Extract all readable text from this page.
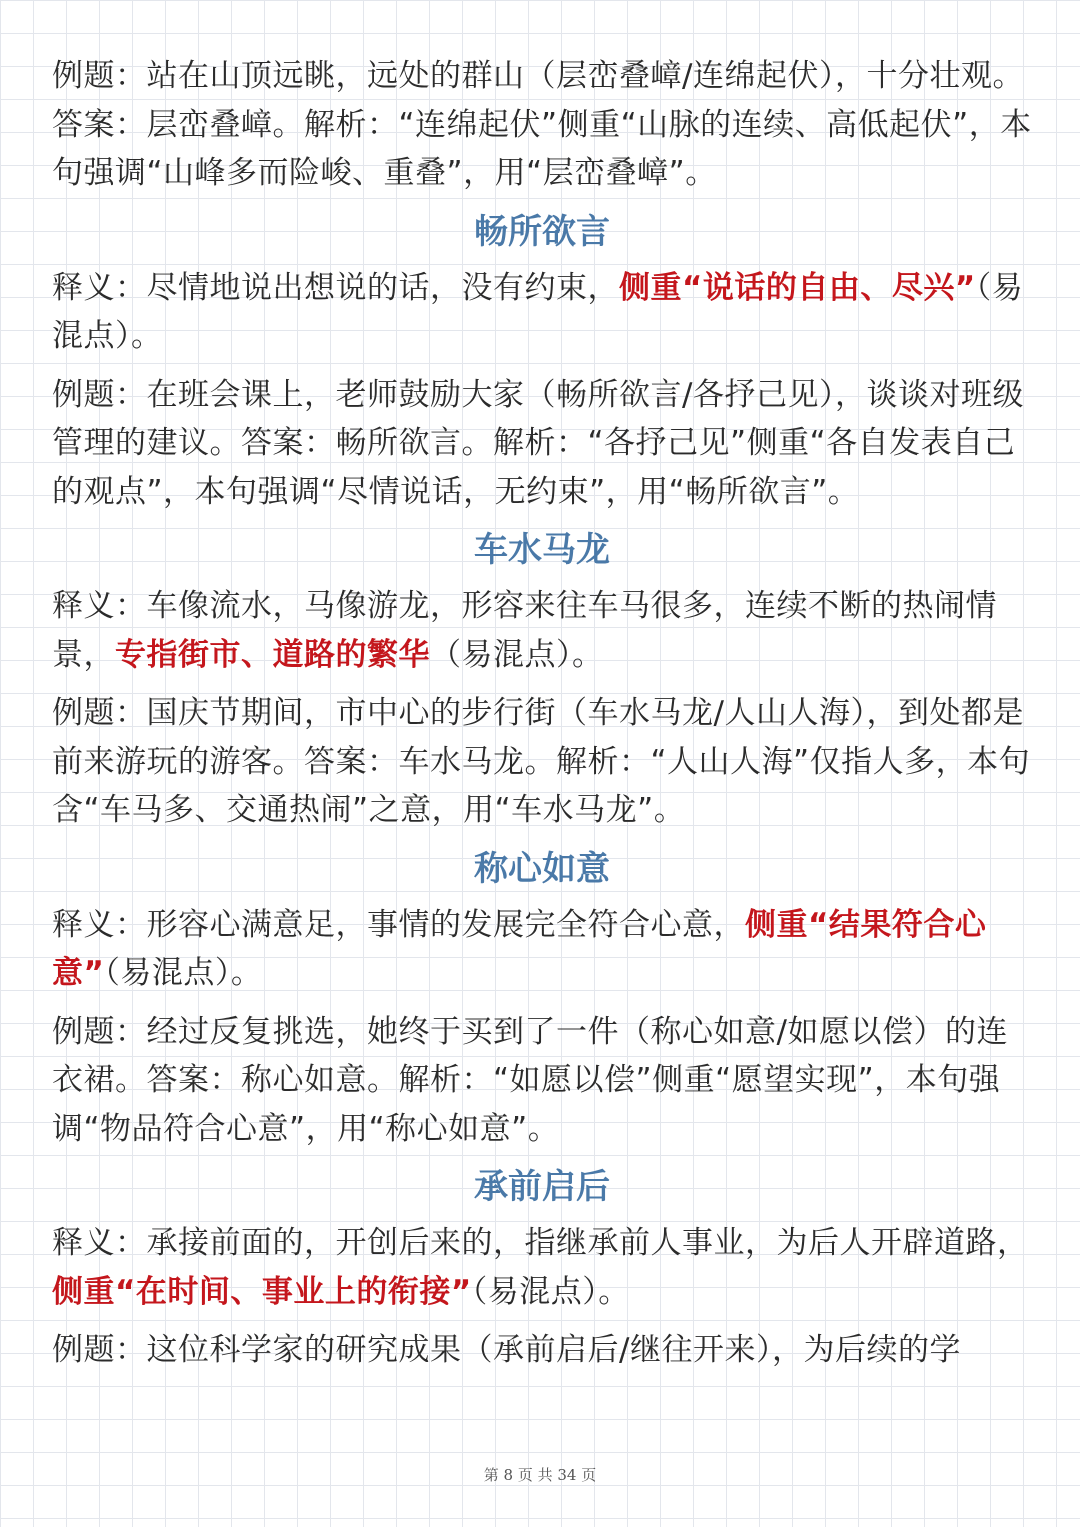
例题：站在山顶远眺，远处的群山（层峦叠嶂/连绵起伏），十分壮观。答案：层峦叠嶂。解析：“连绵起伏”侧重“山脉的连续、高低起伏”，本句强调“山峰多而险峻、重叠”，用“层峦叠嶂”。

畅所欲言

释义：尽情地说出想说的话，没有约束，侧重“说话的自由、尽兴”（易混点）。

例题：在班会课上，老师鼓励大家（畅所欲言/各抒己见），谈谈对班级管理的建议。答案：畅所欲言。解析：“各抒己见”侧重“各自发表自己的观点”，本句强调“尽情说话，无约束”，用“畅所欲言”。

车水马龙

释义：车像流水，马像游龙，形容来往车马很多，连续不断的热闹情景，专指街市、道路的繁华（易混点）。

例题：国庆节期间，市中心的步行街（车水马龙/人山人海），到处都是前来游玩的游客。答案：车水马龙。解析：“人山人海”仅指人多，本句含“车马多、交通热闹”之意，用“车水马龙”。

称心如意

释义：形容心满意足，事情的发展完全符合心意，侧重“结果符合心意”（易混点）。

例题：经过反复挑选，她终于买到了一件（称心如意/如愿以偿）的连衣裙。答案：称心如意。解析：“如愿以偿”侧重“愿望实现”，本句强调“物品符合心意”，用“称心如意”。

承前启后

释义：承接前面的，开创后来的，指继承前人事业，为后人开辟道路，侧重“在时间、事业上的衔接”（易混点）。

例题：这位科学家的研究成果（承前启后/继往开来），为后续的学

第 8 页 共 34 页
